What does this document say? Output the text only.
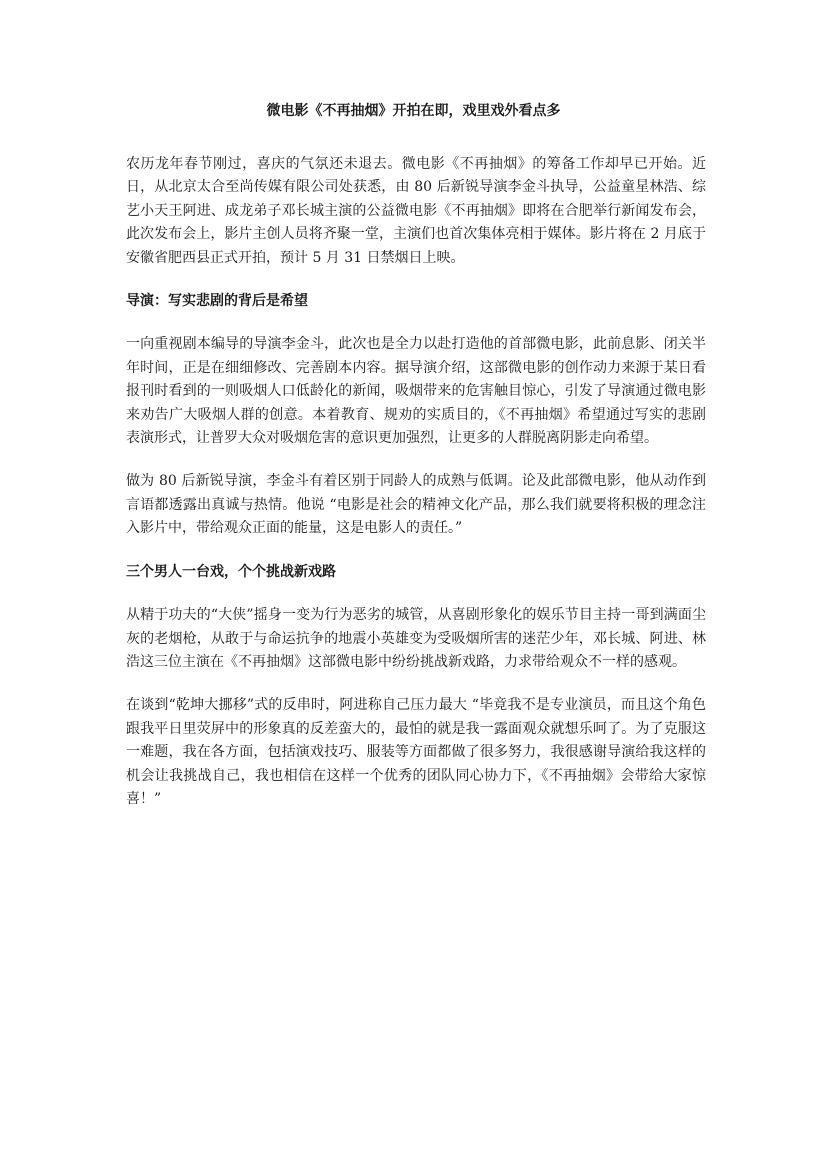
微电影《不再抽烟》开拍在即，戏里戏外看点多

农历龙年春节刚过，喜庆的气氛还未退去。微电影《不再抽烟》的筹备工作却早已开始。近日，从北京太合至尚传媒有限公司处获悉，由 80 后新锐导演李金斗执导，公益童星林浩、综艺小天王阿进、成龙弟子邓长城主演的公益微电影《不再抽烟》即将在合肥举行新闻发布会，此次发布会上，影片主创人员将齐聚一堂，主演们也首次集体亮相于媒体。影片将在 2 月底于安徽省肥西县正式开拍，预计 5 月 31 日禁烟日上映。

导演：写实悲剧的背后是希望

一向重视剧本编导的导演李金斗，此次也是全力以赴打造他的首部微电影，此前息影、闭关半年时间，正是在细细修改、完善剧本内容。据导演介绍，这部微电影的创作动力来源于某日看报刊时看到的一则吸烟人口低龄化的新闻，吸烟带来的危害触目惊心，引发了导演通过微电影来劝告广大吸烟人群的创意。本着教育、规劝的实质目的，《不再抽烟》希望通过写实的悲剧表演形式，让普罗大众对吸烟危害的意识更加强烈，让更多的人群脱离阴影走向希望。

做为 80 后新锐导演，李金斗有着区别于同龄人的成熟与低调。论及此部微电影，他从动作到言语都透露出真诚与热情。他说 “电影是社会的精神文化产品，那么我们就要将积极的理念注入影片中，带给观众正面的能量，这是电影人的责任。”

三个男人一台戏，个个挑战新戏路

从精于功夫的“大侠”摇身一变为行为恶劣的城管，从喜剧形象化的娱乐节目主持一哥到满面尘灰的老烟枪，从敢于与命运抗争的地震小英雄变为受吸烟所害的迷茫少年，邓长城、阿进、林浩这三位主演在《不再抽烟》这部微电影中纷纷挑战新戏路，力求带给观众不一样的感观。

在谈到“乾坤大挪移”式的反串时，阿进称自己压力最大 “毕竟我不是专业演员，而且这个角色跟我平日里荧屏中的形象真的反差蛮大的，最怕的就是我一露面观众就想乐呵了。为了克服这一难题，我在各方面，包括演戏技巧、服装等方面都做了很多努力，我很感谢导演给我这样的机会让我挑战自己，我也相信在这样一个优秀的团队同心协力下，《不再抽烟》会带给大家惊喜！”
